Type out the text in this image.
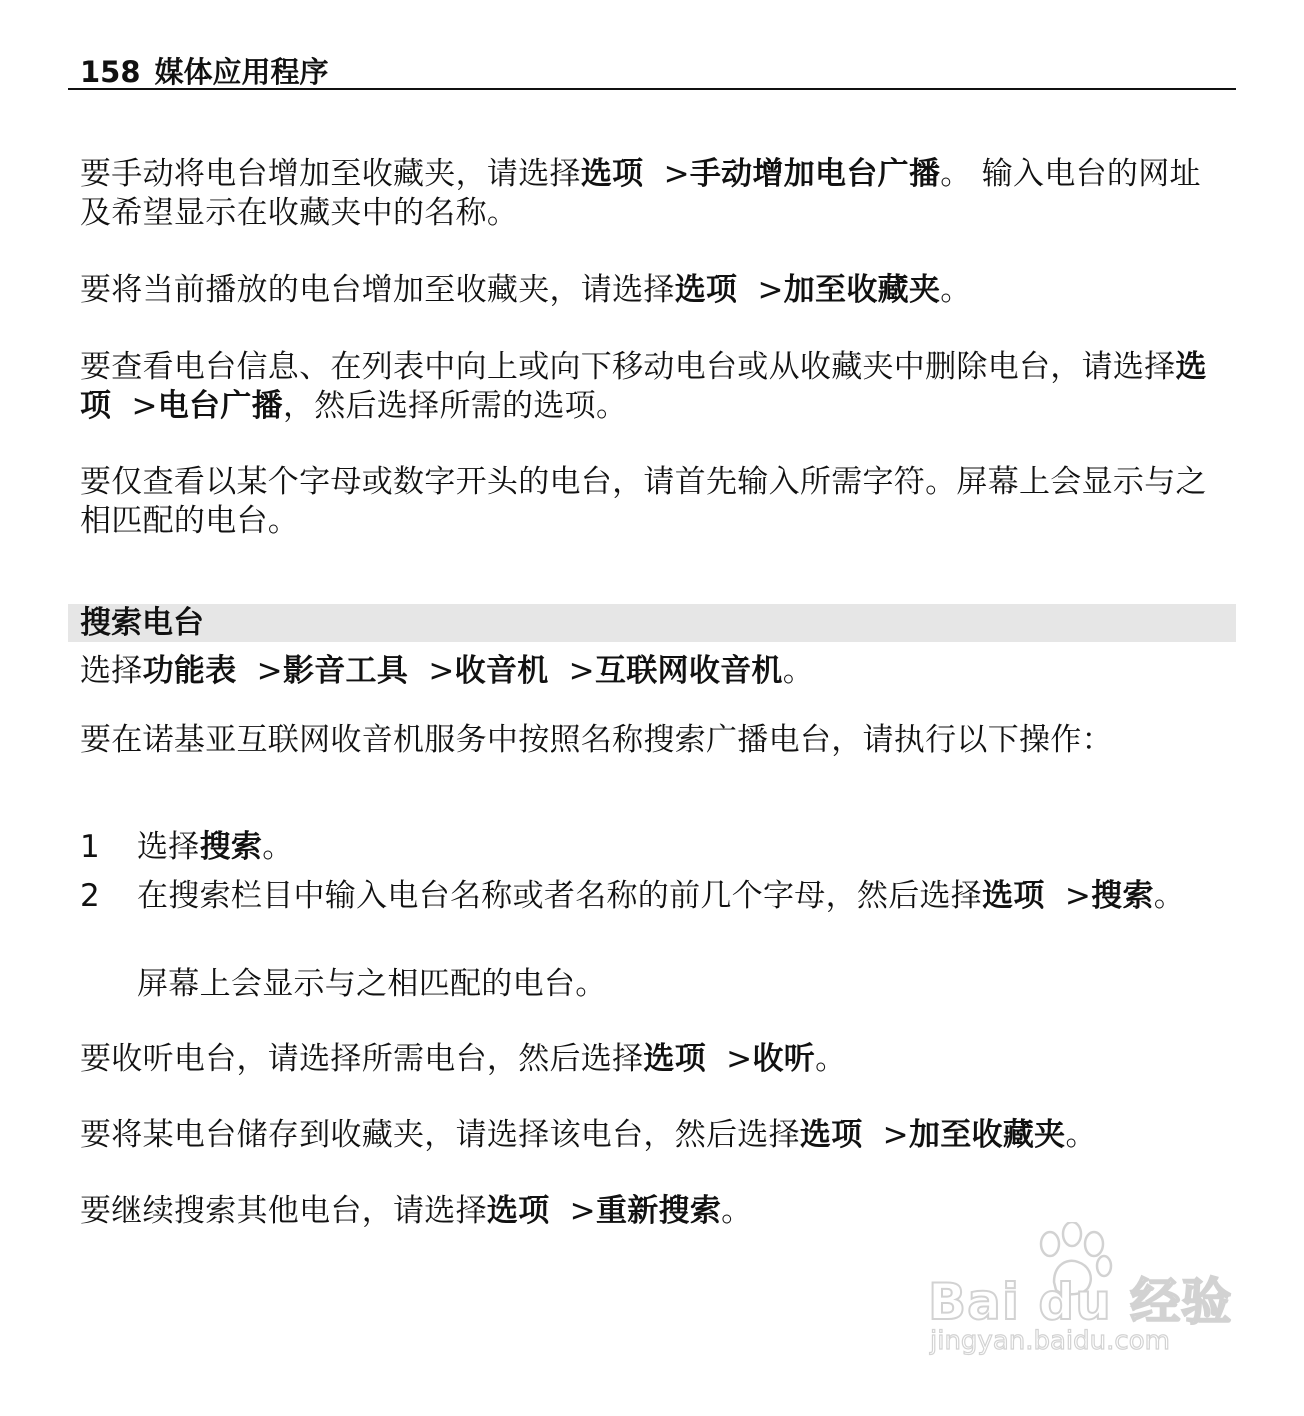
158 媒体应用程序
要手动将电台增加至收藏夹，请选择选项 >手动增加电台广播。 输入电台的网址及希望显示在收藏夹中的名称。
要将当前播放的电台增加至收藏夹，请选择选项 >加至收藏夹。
要查看电台信息、在列表中向上或向下移动电台或从收藏夹中删除电台，请选择选项 >电台广播，然后选择所需的选项。
要仅查看以某个字母或数字开头的电台，请首先输入所需字符。屏幕上会显示与之相匹配的电台。
搜索电台
选择功能表 >影音工具 >收音机 >互联网收音机。
要在诺基亚互联网收音机服务中按照名称搜索广播电台，请执行以下操作：
1 选择搜索。
2 在搜索栏目中输入电台名称或者名称的前几个字母，然后选择选项 >搜索。
屏幕上会显示与之相匹配的电台。
要收听电台，请选择所需电台，然后选择选项 >收听。
要将某电台储存到收藏夹，请选择该电台，然后选择选项 >加至收藏夹。
要继续搜索其他电台，请选择选项 >重新搜索。
Bai du 经验
jingyan.baidu.com
